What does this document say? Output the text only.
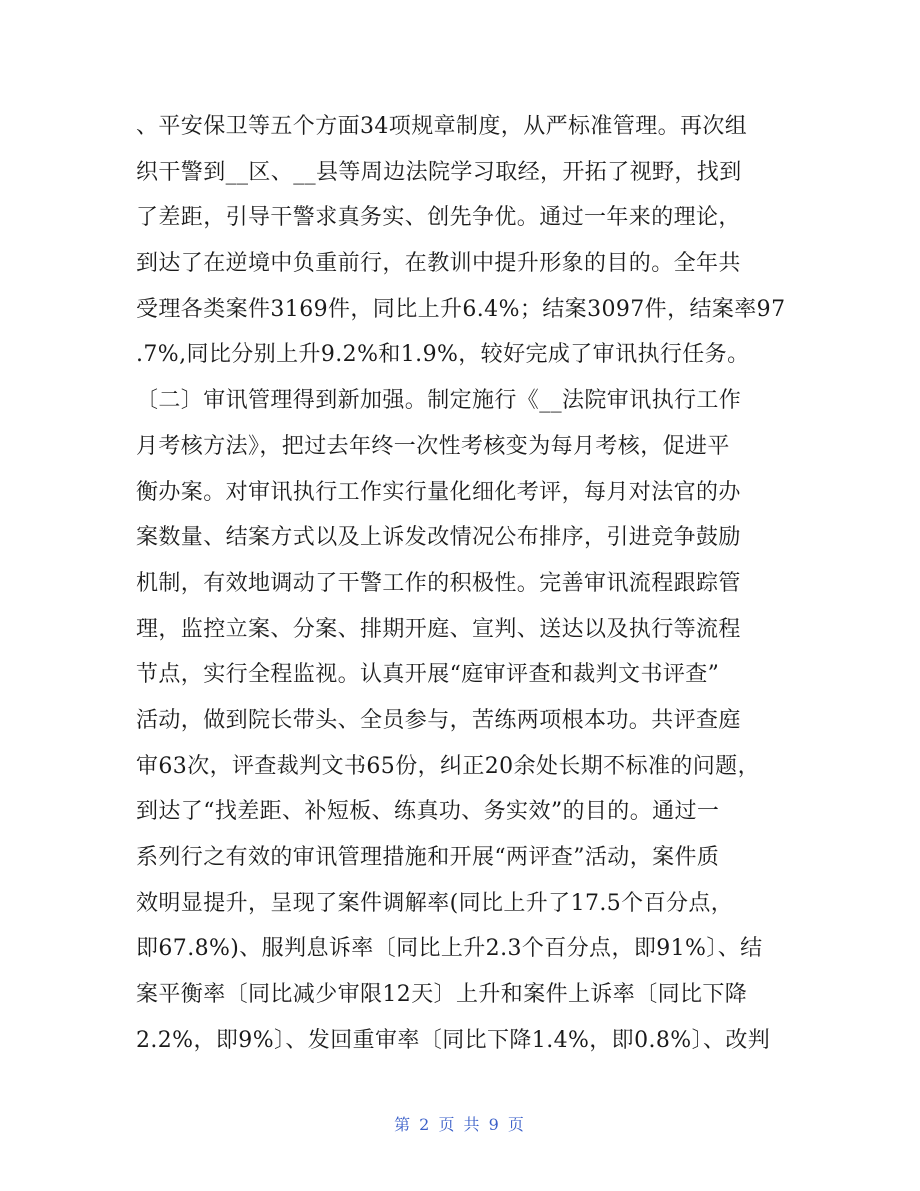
、平安保卫等五个方面34项规章制度，从严标准管理。再次组
织干警到__区、__县等周边法院学习取经，开拓了视野，找到
了差距，引导干警求真务实、创先争优。通过一年来的理论，
到达了在逆境中负重前行，在教训中提升形象的目的。全年共
受理各类案件3169件，同比上升6.4%；结案3097件，结案率97
.7%,同比分别上升9.2%和1.9%，较好完成了审讯执行任务。
〔二〕审讯管理得到新加强。制定施行《__法院审讯执行工作
月考核方法》，把过去年终一次性考核变为每月考核，促进平
衡办案。对审讯执行工作实行量化细化考评，每月对法官的办
案数量、结案方式以及上诉发改情况公布排序，引进竞争鼓励
机制，有效地调动了干警工作的积极性。完善审讯流程跟踪管
理，监控立案、分案、排期开庭、宣判、送达以及执行等流程
节点，实行全程监视。认真开展“庭审评查和裁判文书评查”
活动，做到院长带头、全员参与，苦练两项根本功。共评查庭
审63次，评查裁判文书65份，纠正20余处长期不标准的问题，
到达了“找差距、补短板、练真功、务实效”的目的。通过一
系列行之有效的审讯管理措施和开展“两评查”活动，案件质
效明显提升，呈现了案件调解率(同比上升了17.5个百分点，
即67.8%)、服判息诉率〔同比上升2.3个百分点，即91%〕、结
案平衡率〔同比减少审限12天〕上升和案件上诉率〔同比下降
2.2%，即9%〕、发回重审率〔同比下降1.4%，即0.8%〕、改判
第 2 页 共 9 页
